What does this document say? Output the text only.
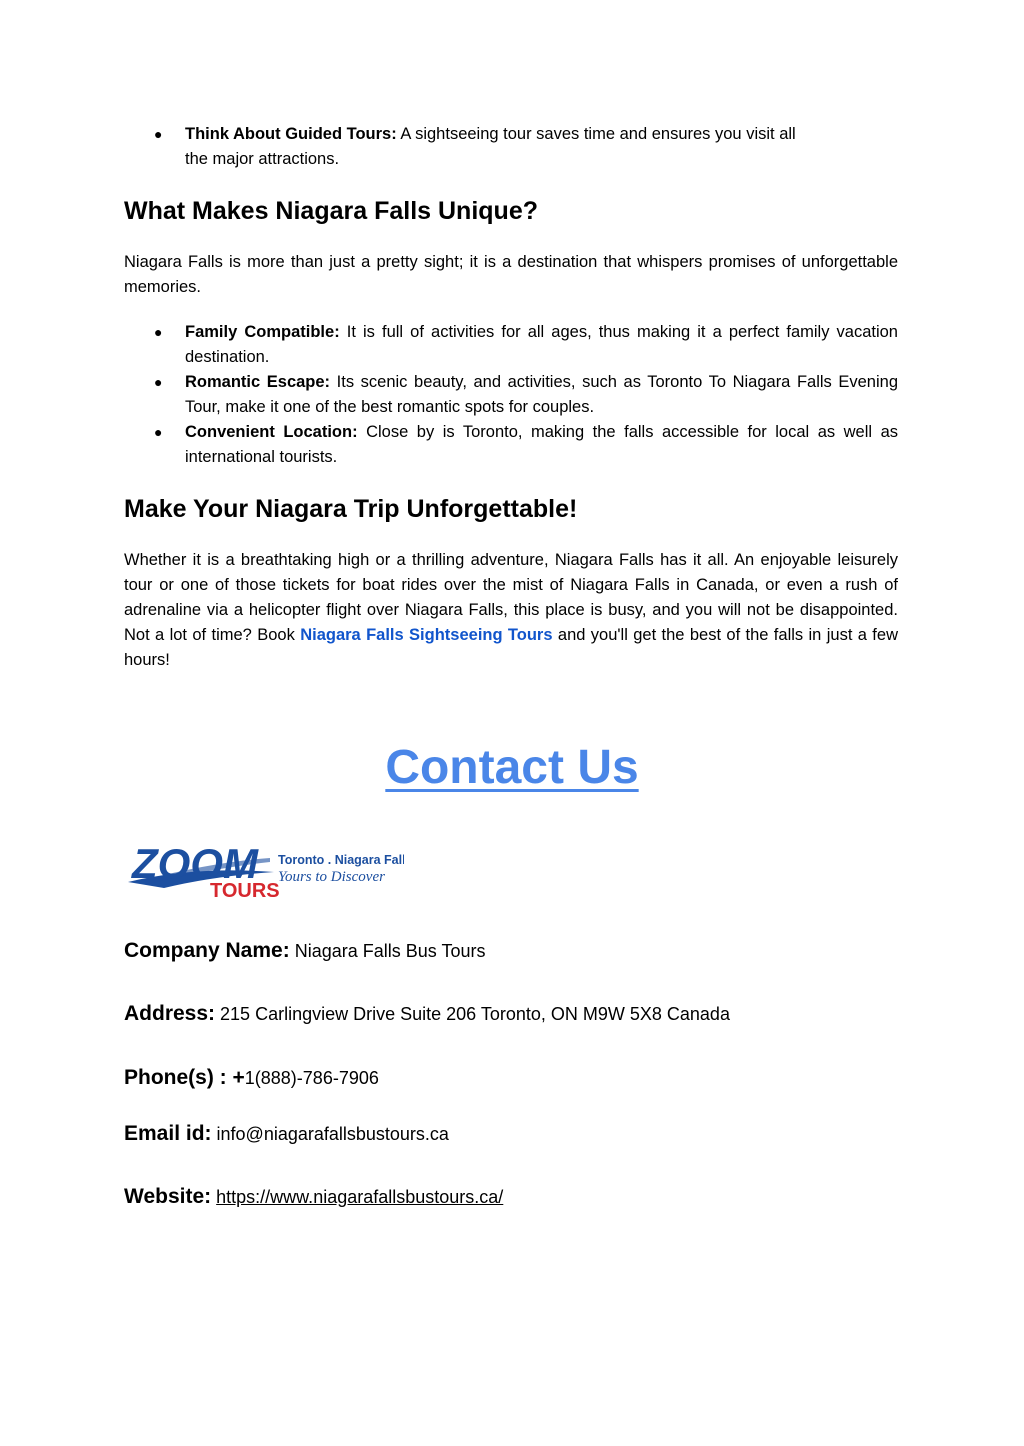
● Think About Guided Tours: A sightseeing tour saves time and ensures you visit all
the major attractions.
What Makes Niagara Falls Unique?

Niagara Falls is more than just a pretty sight; it is a destination that whispers promises of unforgettable memories.

● Family Compatible: It is full of activities for all ages, thus making it a perfect family vacation destination.
● Romantic Escape: Its scenic beauty, and activities, such as Toronto To Niagara Falls Evening Tour, make it one of the best romantic spots for couples.
● Convenient Location: Close by is Toronto, making the falls accessible for local as well as international tourists.
Make Your Niagara Trip Unforgettable!

Whether it is a breathtaking high or a thrilling adventure, Niagara Falls has it all. An enjoyable leisurely tour or one of those tickets for boat rides over the mist of Niagara Falls in Canada, or even a rush of adrenaline via a helicopter flight over Niagara Falls, this place is busy, and you will not be disappointed. Not a lot of time? Book Niagara Falls Sightseeing Tours and you'll get the best of the falls in just a few hours!

Contact Us
ZOOM
TOURS
Toronto . Niagara Falls
Yours to Discover
Company Name: Niagara Falls Bus Tours
Address: 215 Carlingview Drive Suite 206 Toronto, ON M9W 5X8 Canada
Phone(s) : +1(888)-786-7906
Email id: info@niagarafallsbustours.ca
Website: https://www.niagarafallsbustours.ca/
